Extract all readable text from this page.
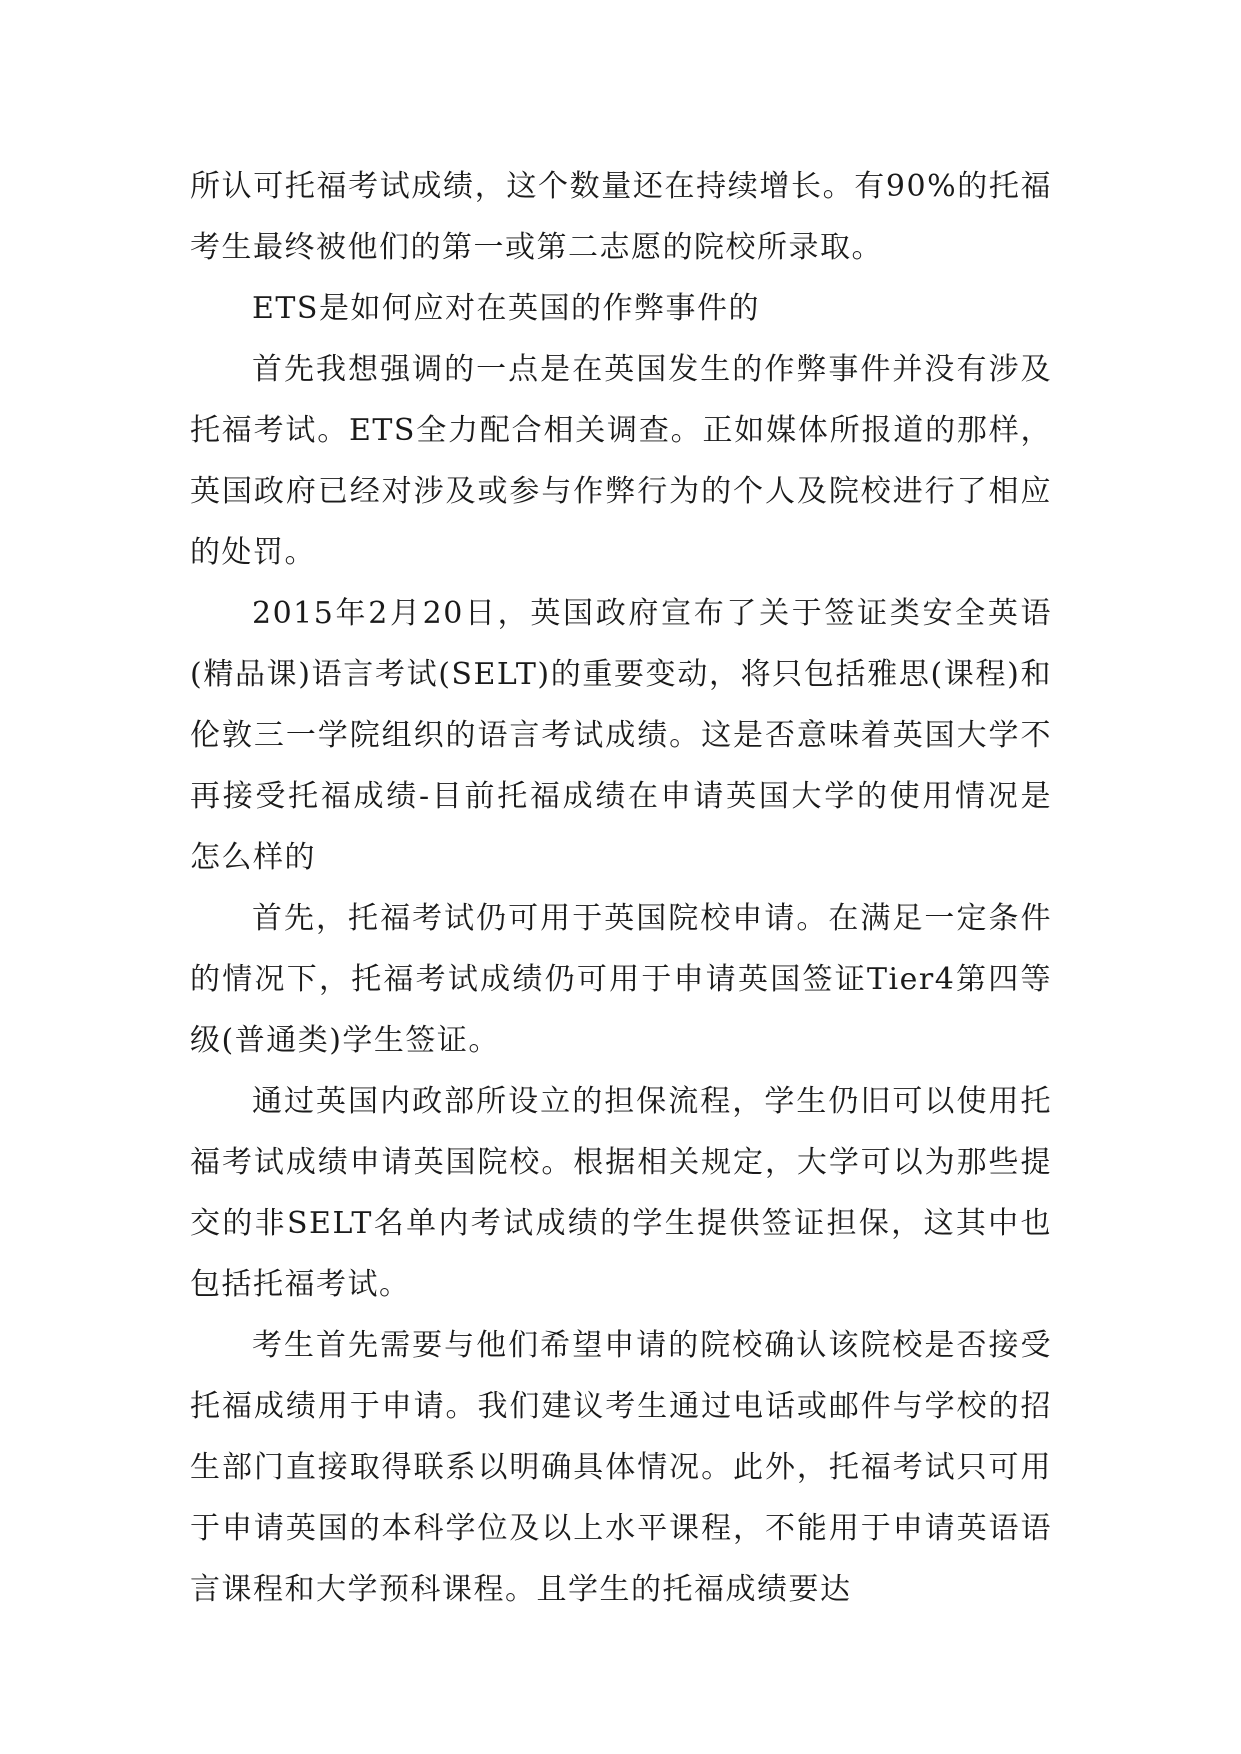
所认可托福考试成绩，这个数量还在持续增长。有90%的托福考生最终被他们的第一或第二志愿的院校所录取。

ETS是如何应对在英国的作弊事件的

首先我想强调的一点是在英国发生的作弊事件并没有涉及托福考试。ETS全力配合相关调查。正如媒体所报道的那样，英国政府已经对涉及或参与作弊行为的个人及院校进行了相应的处罚。

2015年2月20日，英国政府宣布了关于签证类安全英语(精品课)语言考试(SELT)的重要变动，将只包括雅思(课程)和伦敦三一学院组织的语言考试成绩。这是否意味着英国大学不再接受托福成绩-目前托福成绩在申请英国大学的使用情况是怎么样的

首先，托福考试仍可用于英国院校申请。在满足一定条件的情况下，托福考试成绩仍可用于申请英国签证Tier4第四等级(普通类)学生签证。

通过英国内政部所设立的担保流程，学生仍旧可以使用托福考试成绩申请英国院校。根据相关规定，大学可以为那些提交的非SELT名单内考试成绩的学生提供签证担保，这其中也包括托福考试。

考生首先需要与他们希望申请的院校确认该院校是否接受托福成绩用于申请。我们建议考生通过电话或邮件与学校的招生部门直接取得联系以明确具体情况。此外，托福考试只可用于申请英国的本科学位及以上水平课程，不能用于申请英语语言课程和大学预科课程。且学生的托福成绩要达
